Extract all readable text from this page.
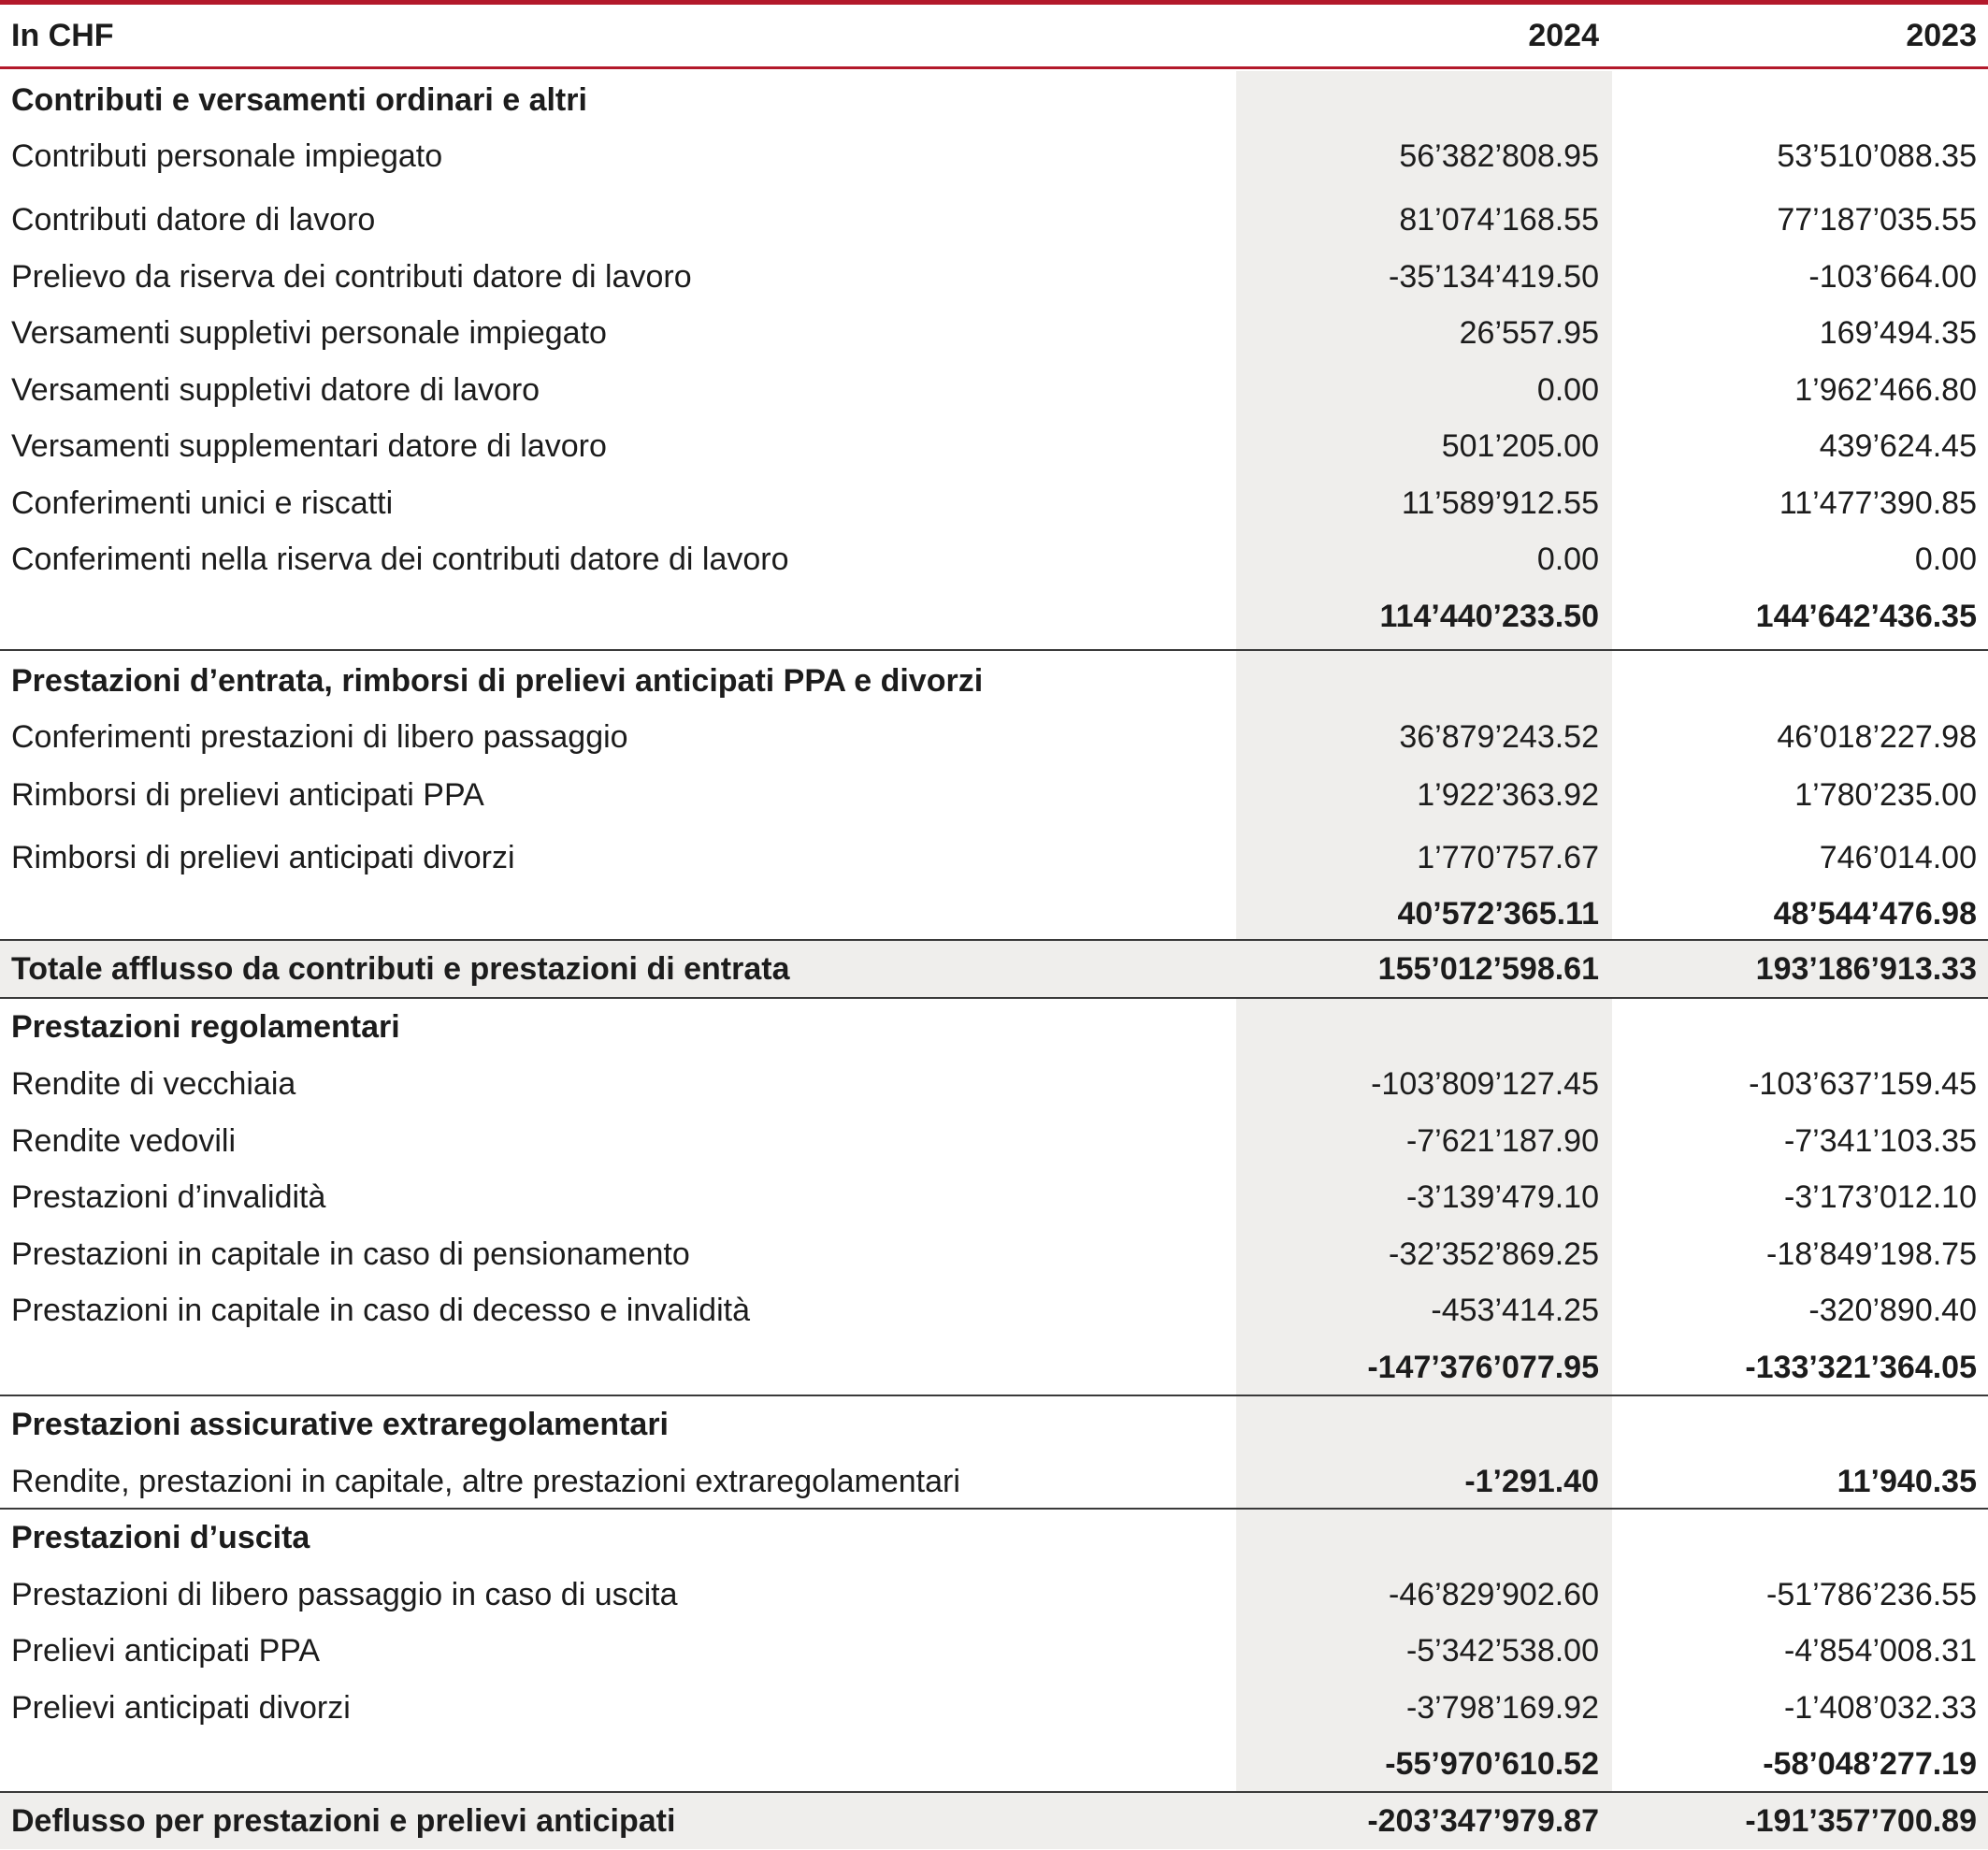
In CHF	2024	2023
Contributi e versamenti ordinari e altri
Contributi personale impiegato	56’382’808.95	53’510’088.35
Contributi datore di lavoro	81’074’168.55	77’187’035.55
Prelievo da riserva dei contributi datore di lavoro	-35’134’419.50	-103’664.00
Versamenti suppletivi personale impiegato	26’557.95	169’494.35
Versamenti suppletivi datore di lavoro	0.00	1’962’466.80
Versamenti supplementari datore di lavoro	501’205.00	439’624.45
Conferimenti unici e riscatti	11’589’912.55	11’477’390.85
Conferimenti nella riserva dei contributi datore di lavoro	0.00	0.00
114’440’233.50	144’642’436.35
Prestazioni d’entrata, rimborsi di prelievi anticipati PPA e divorzi
Conferimenti prestazioni di libero passaggio	36’879’243.52	46’018’227.98
Rimborsi di prelievi anticipati PPA	1’922’363.92	1’780’235.00
Rimborsi di prelievi anticipati divorzi	1’770’757.67	746’014.00
40’572’365.11	48’544’476.98
Totale afflusso da contributi e prestazioni di entrata	155’012’598.61	193’186’913.33
Prestazioni regolamentari
Rendite di vecchiaia	-103’809’127.45	-103’637’159.45
Rendite vedovili	-7’621’187.90	-7’341’103.35
Prestazioni d’invalidità	-3’139’479.10	-3’173’012.10
Prestazioni in capitale in caso di pensionamento	-32’352’869.25	-18’849’198.75
Prestazioni in capitale in caso di decesso e invalidità	-453’414.25	-320’890.40
-147’376’077.95	-133’321’364.05
Prestazioni assicurative extraregolamentari
Rendite, prestazioni in capitale, altre prestazioni extraregolamentari	-1’291.40	11’940.35
Prestazioni d’uscita
Prestazioni di libero passaggio in caso di uscita	-46’829’902.60	-51’786’236.55
Prelievi anticipati PPA	-5’342’538.00	-4’854’008.31
Prelievi anticipati divorzi	-3’798’169.92	-1’408’032.33
-55’970’610.52	-58’048’277.19
Deflusso per prestazioni e prelievi anticipati	-203’347’979.87	-191’357’700.89
